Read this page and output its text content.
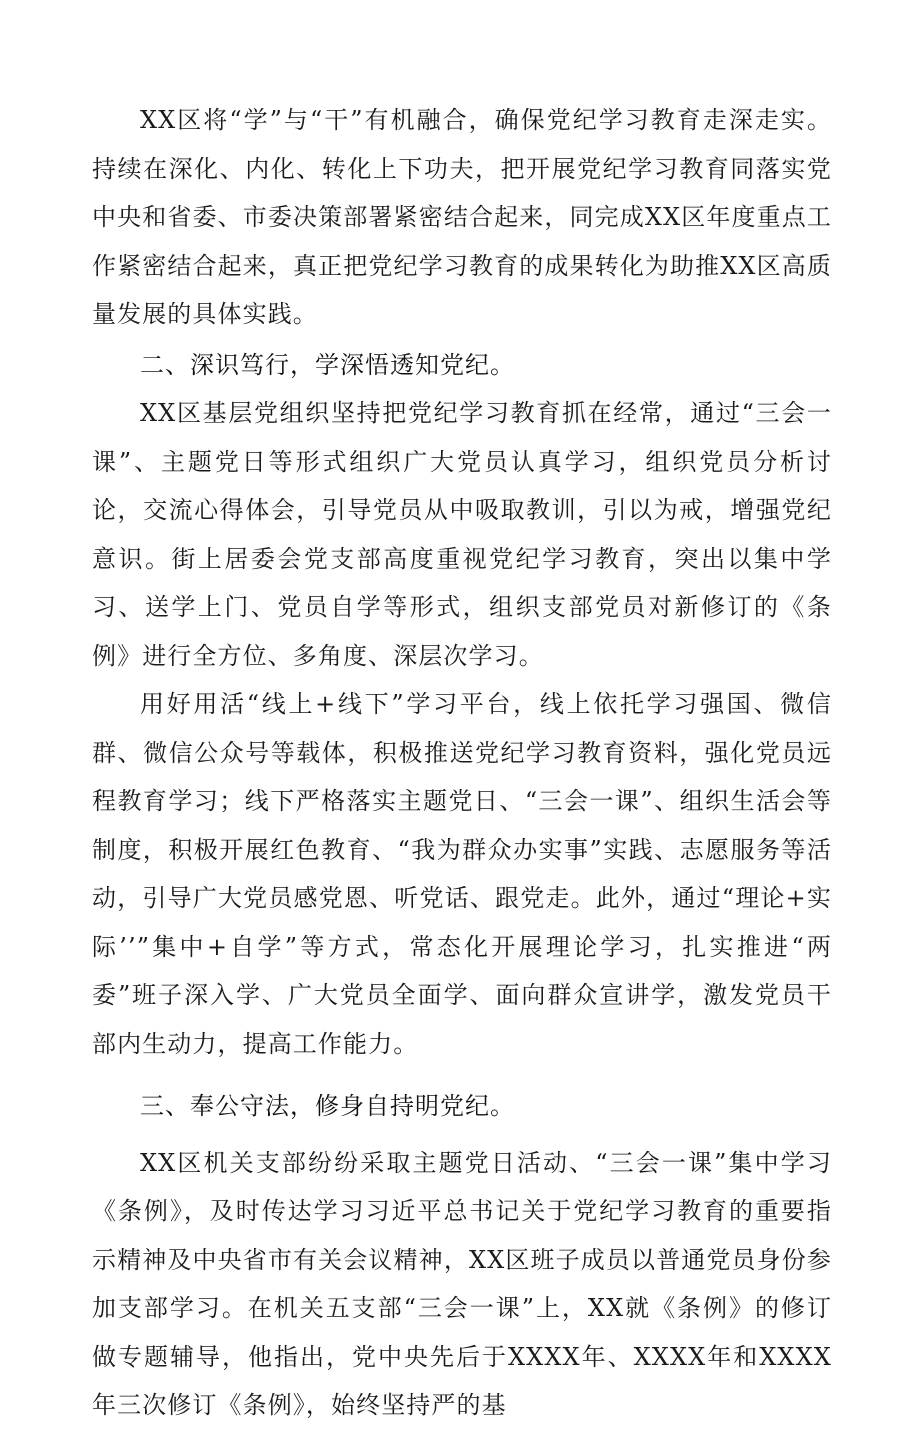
XX区将“学”与“干”有机融合，确保党纪学习教育走深走实。持续在深化、内化、转化上下功夫，把开展党纪学习教育同落实党中央和省委、市委决策部署紧密结合起来，同完成XX区年度重点工作紧密结合起来，真正把党纪学习教育的成果转化为助推XX区高质量发展的具体实践。

二、深识笃行，学深悟透知党纪。

XX区基层党组织坚持把党纪学习教育抓在经常，通过“三会一课”、主题党日等形式组织广大党员认真学习，组织党员分析讨论，交流心得体会，引导党员从中吸取教训，引以为戒，增强党纪意识。街上居委会党支部高度重视党纪学习教育，突出以集中学习、送学上门、党员自学等形式，组织支部党员对新修订的《条例》进行全方位、多角度、深层次学习。

用好用活“线上+线下”学习平台，线上依托学习强国、微信群、微信公众号等载体，积极推送党纪学习教育资料，强化党员远程教育学习；线下严格落实主题党日、“三会一课”、组织生活会等制度，积极开展红色教育、“我为群众办实事”实践、志愿服务等活动，引导广大党员感党恩、听党话、跟党走。此外，通过“理论+实际’’”集中+自学”等方式，常态化开展理论学习，扎实推进“两委”班子深入学、广大党员全面学、面向群众宣讲学，激发党员干部内生动力，提高工作能力。

三、奉公守法，修身自持明党纪。

XX区机关支部纷纷采取主题党日活动、“三会一课”集中学习《条例》，及时传达学习习近平总书记关于党纪学习教育的重要指示精神及中央省市有关会议精神，XX区班子成员以普通党员身份参加支部学习。在机关五支部“三会一课”上，XX就《条例》的修订做专题辅导，他指出，党中央先后于XXXX年、XXXX年和XXXX年三次修订《条例》，始终坚持严的基
